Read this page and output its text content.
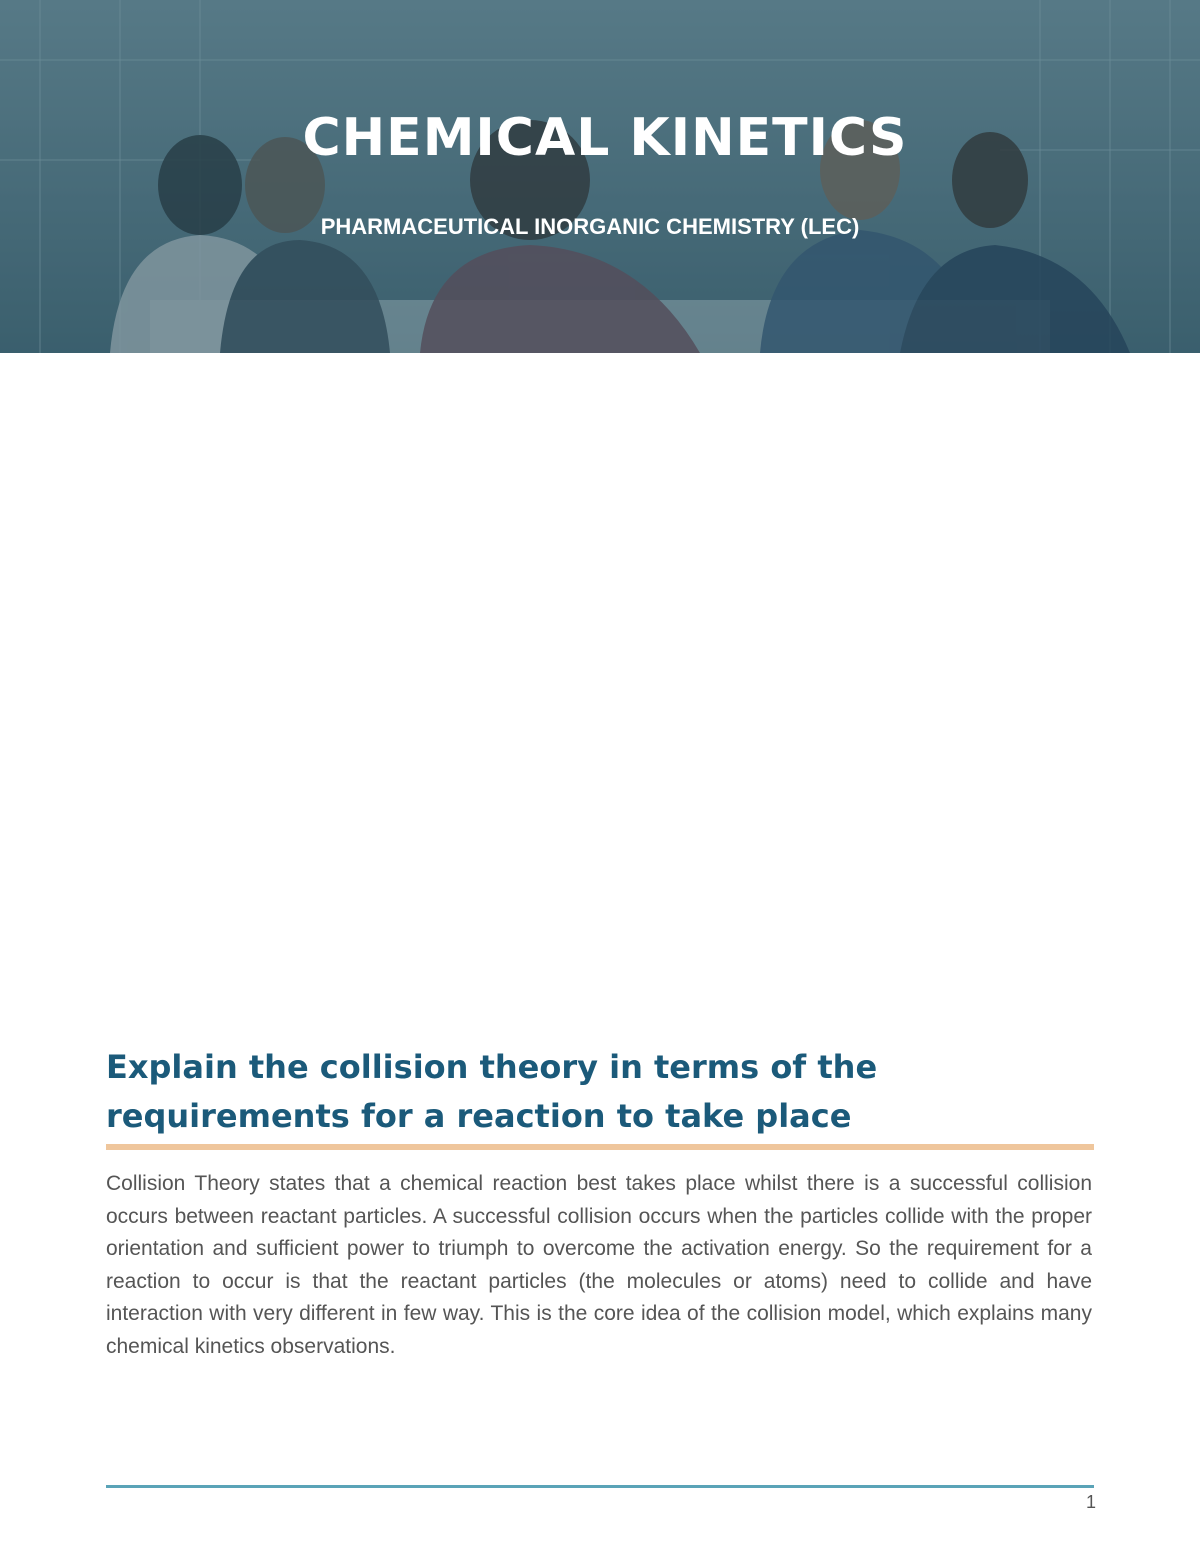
CHEMICAL KINETICS
PHARMACEUTICAL INORGANIC CHEMISTRY (LEC)
Explain the collision theory in terms of the requirements for a reaction to take place

Collision Theory states that a chemical reaction best takes place whilst there is a successful collision occurs between reactant particles. A successful collision occurs when the particles collide with the proper orientation and sufficient power to triumph to overcome the activation energy. So the requirement for a reaction to occur is that the reactant particles (the molecules or atoms) need to collide and have interaction with very different in few way. This is the core idea of the collision model, which explains many chemical kinetics observations.

1
